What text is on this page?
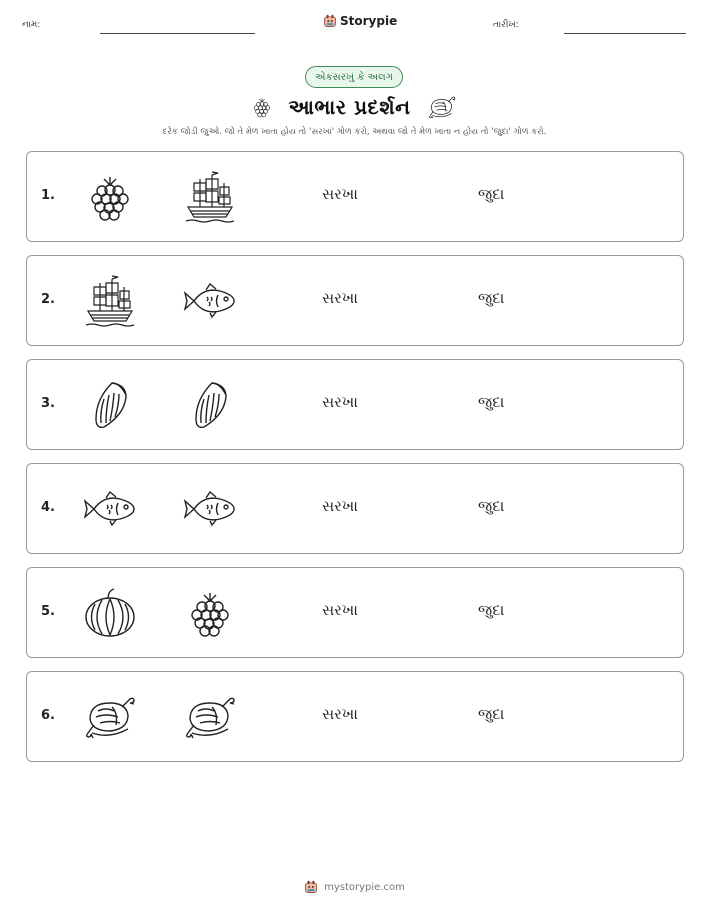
નામ:	Storypie	તારીખ:
એકસરખું કે અલગ
આભાર પ્રદર્શન
દરેક જોડી જુઓ. જો તે મેળ ખાતા હોય તો 'સરખા' ગોળ કરો, અથવા જો તે મેળ ખાતા ન હોય તો 'જુદા' ગોળ કરો.
1.	સરખા	જુદા
2.	સરખા	જુદા
3.	સરખા	જુદા
4.	સરખા	જુદા
5.	સરખા	જુદા
6.	સરખા	જુદા
mystorypie.com
